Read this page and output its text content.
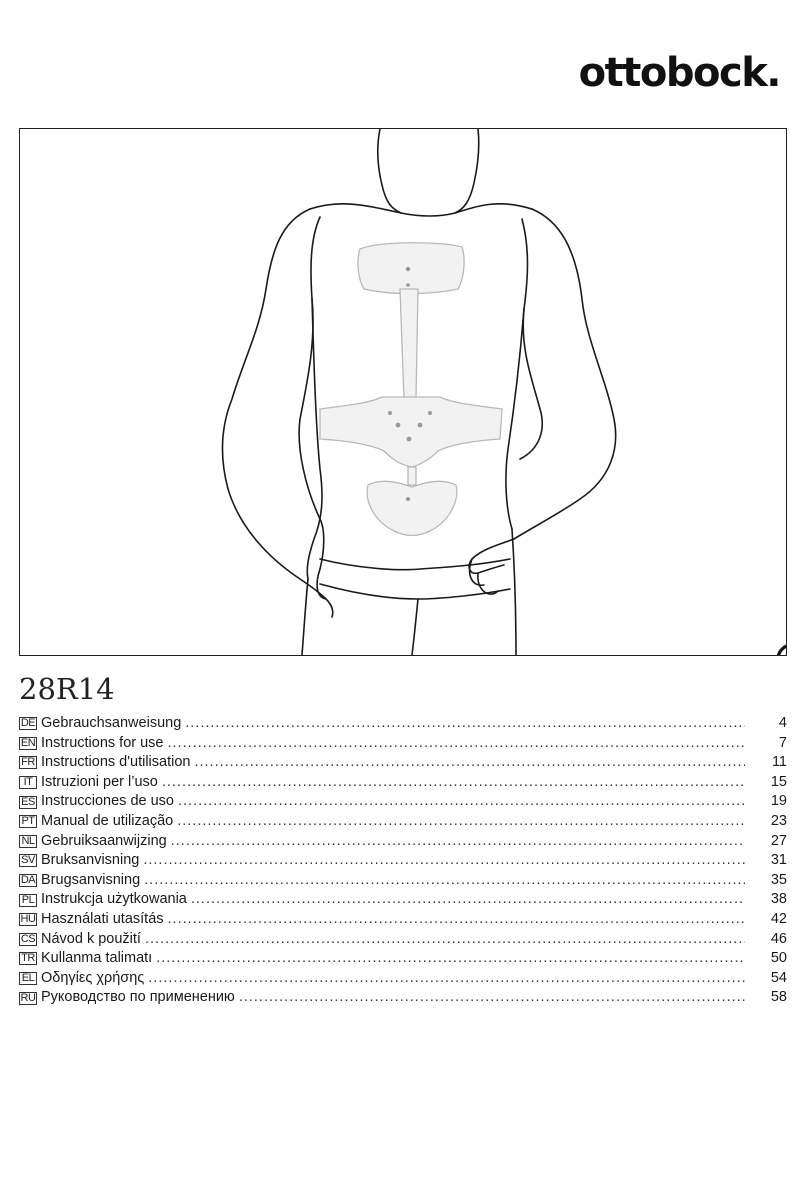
ottobock.
28R14
DE Gebrauchsanweisung .....	4
EN Instructions for use .....	7
FR Instructions d'utilisation .....	11
IT Istruzioni per l’uso .....	15
ES Instrucciones de uso .....	19
PT Manual de utilização .....	23
NL Gebruiksaanwijzing .....	27
SV Bruksanvisning .....	31
DA Brugsanvisning .....	35
PL Instrukcja użytkowania .....	38
HU Használati utasítás .....	42
CS Návod k použití .....	46
TR Kullanma talimatı .....	50
EL Οδηγίες χρήσης .....	54
RU Руководство по применению .....	58
